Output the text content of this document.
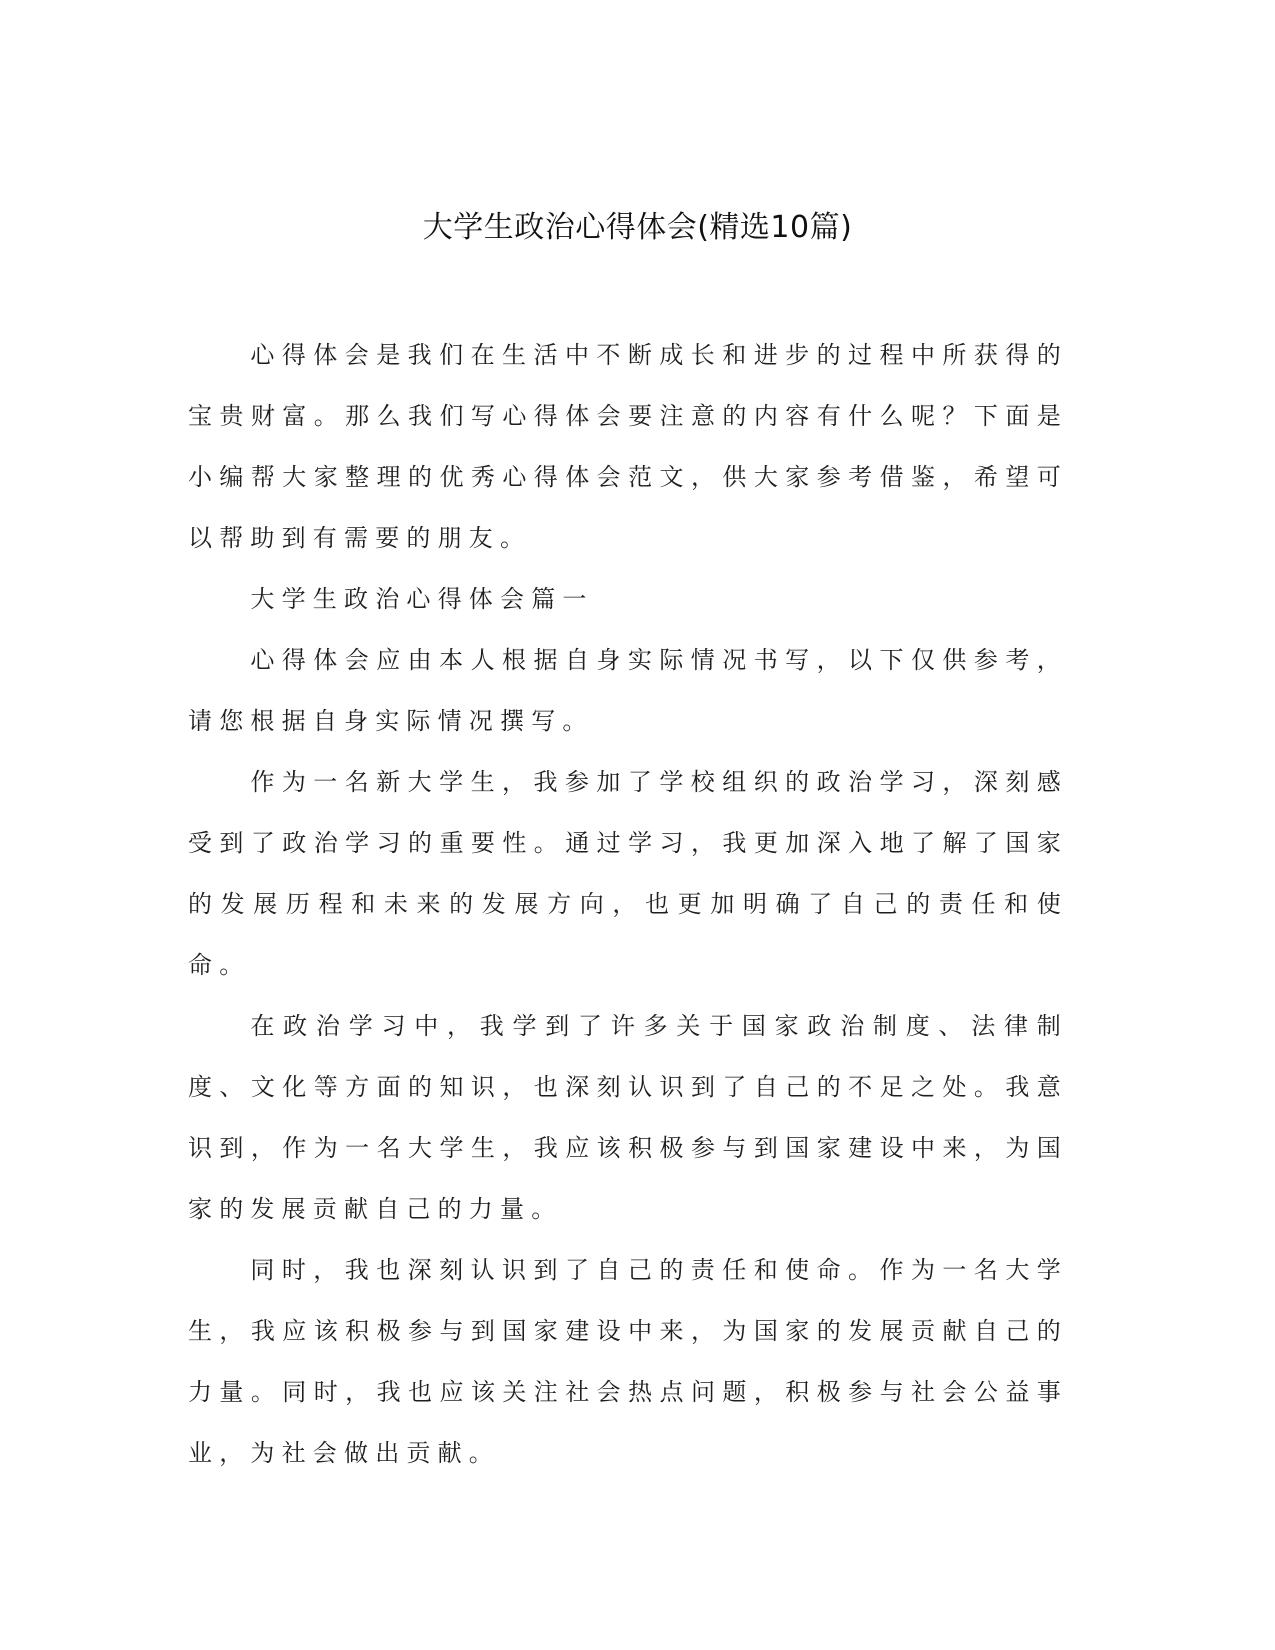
大学生政治心得体会(精选10篇)

心得体会是我们在生活中不断成长和进步的过程中所获得的宝贵财富。那么我们写心得体会要注意的内容有什么呢？下面是小编帮大家整理的优秀心得体会范文，供大家参考借鉴，希望可以帮助到有需要的朋友。

大学生政治心得体会篇一

心得体会应由本人根据自身实际情况书写，以下仅供参考，请您根据自身实际情况撰写。

作为一名新大学生，我参加了学校组织的政治学习，深刻感受到了政治学习的重要性。通过学习，我更加深入地了解了国家的发展历程和未来的发展方向，也更加明确了自己的责任和使命。

在政治学习中，我学到了许多关于国家政治制度、法律制度、文化等方面的知识，也深刻认识到了自己的不足之处。我意识到，作为一名大学生，我应该积极参与到国家建设中来，为国家的发展贡献自己的力量。

同时，我也深刻认识到了自己的责任和使命。作为一名大学生，我应该积极参与到国家建设中来，为国家的发展贡献自己的力量。同时，我也应该关注社会热点问题，积极参与社会公益事业，为社会做出贡献。
